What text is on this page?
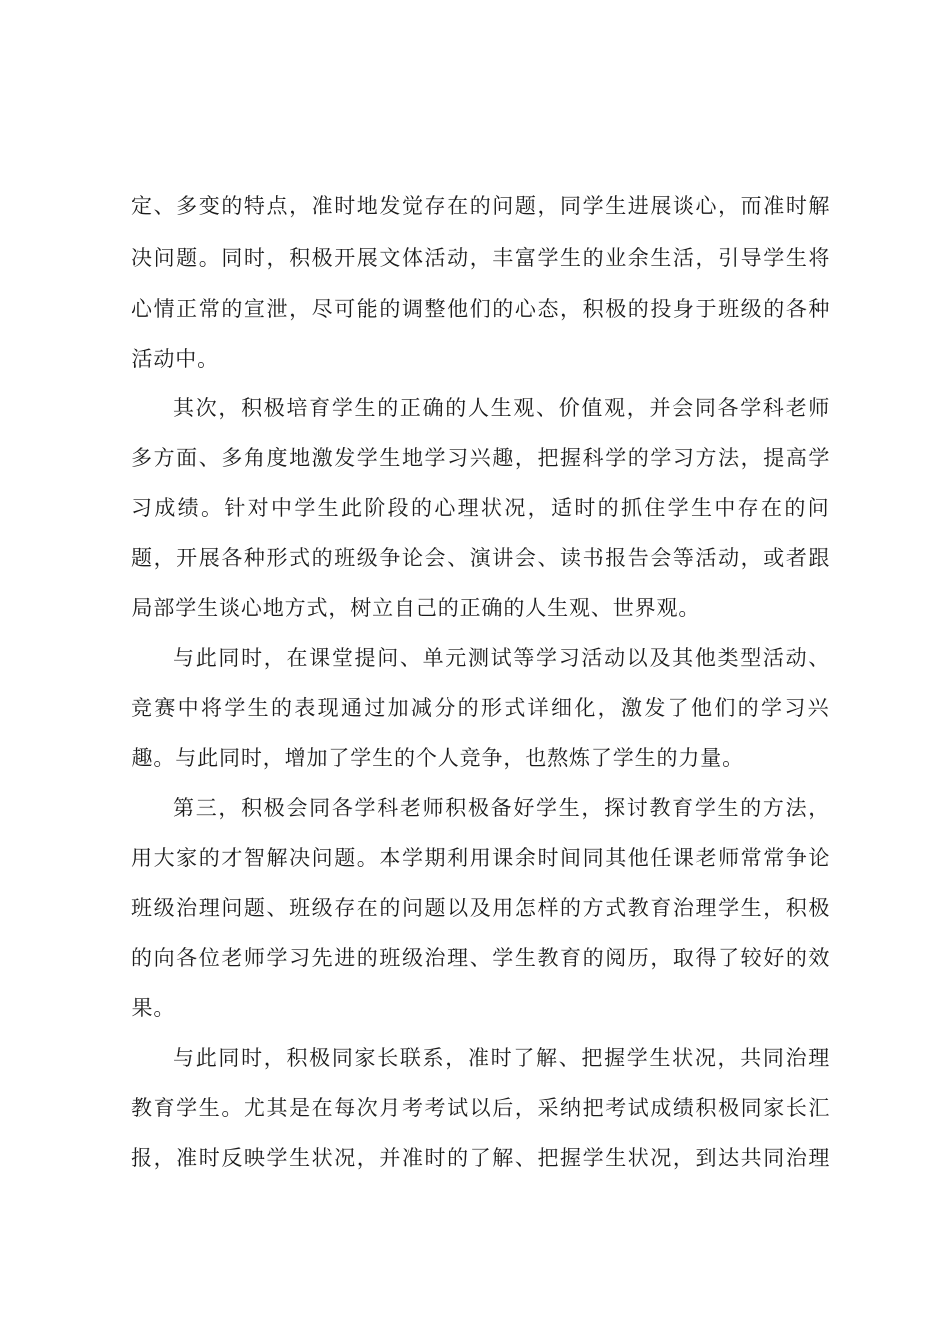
定 、 多 变 的 特 点 ， 准 时 地 发 觉 存 在 的 问 题 ， 同 学 生 进 展 谈 心 ， 而 准 时 解
决 问 题 。 同 时 ， 积 极 开 展 文 体 活 动 ， 丰 富 学 生 的 业 余 生 活 ， 引 导 学 生 将
心 情 正 常 的 宣 泄 ， 尽 可 能 的 调 整 他 们 的 心 态 ， 积 极 的 投 身 于 班 级 的 各 种
活 动 中 。
其 次 ， 积 极 培 育 学 生 的 正 确 的 人 生 观 、 价 值 观 ， 并 会 同 各 学 科 老 师
多 方 面 、 多 角 度 地 激 发 学 生 地 学 习 兴 趣 ， 把 握 科 学 的 学 习 方 法 ， 提 高 学
习 成 绩 。 针 对 中 学 生 此 阶 段 的 心 理 状 况 ， 适 时 的 抓 住 学 生 中 存 在 的 问
题 ， 开 展 各 种 形 式 的 班 级 争 论 会 、 演 讲 会 、 读 书 报 告 会 等 活 动 ， 或 者 跟
局 部 学 生 谈 心 地 方 式 ， 树 立 自 己 的 正 确 的 人 生 观 、 世 界 观 。
与 此 同 时 ， 在 课 堂 提 问 、 单 元 测 试 等 学 习 活 动 以 及 其 他 类 型 活 动 、
竞 赛 中 将 学 生 的 表 现 通 过 加 减 分 的 形 式 详 细 化 ， 激 发 了 他 们 的 学 习 兴
趣 。 与 此 同 时 ， 增 加 了 学 生 的 个 人 竞 争 ， 也 熬 炼 了 学 生 的 力 量 。
第 三 ， 积 极 会 同 各 学 科 老 师 积 极 备 好 学 生 ， 探 讨 教 育 学 生 的 方 法 ，
用 大 家 的 才 智 解 决 问 题 。 本 学 期 利 用 课 余 时 间 同 其 他 任 课 老 师 常 常 争 论
班 级 治 理 问 题 、 班 级 存 在 的 问 题 以 及 用 怎 样 的 方 式 教 育 治 理 学 生 ， 积 极
的 向 各 位 老 师 学 习 先 进 的 班 级 治 理 、 学 生 教 育 的 阅 历 ， 取 得 了 较 好 的 效
果 。
与 此 同 时 ， 积 极 同 家 长 联 系 ， 准 时 了 解 、 把 握 学 生 状 况 ， 共 同 治 理
教 育 学 生 。 尤 其 是 在 每 次 月 考 考 试 以 后 ， 采 纳 把 考 试 成 绩 积 极 同 家 长 汇
报 ， 准 时 反 映 学 生 状 况 ， 并 准 时 的 了 解 、 把 握 学 生 状 况 ， 到 达 共 同 治 理
